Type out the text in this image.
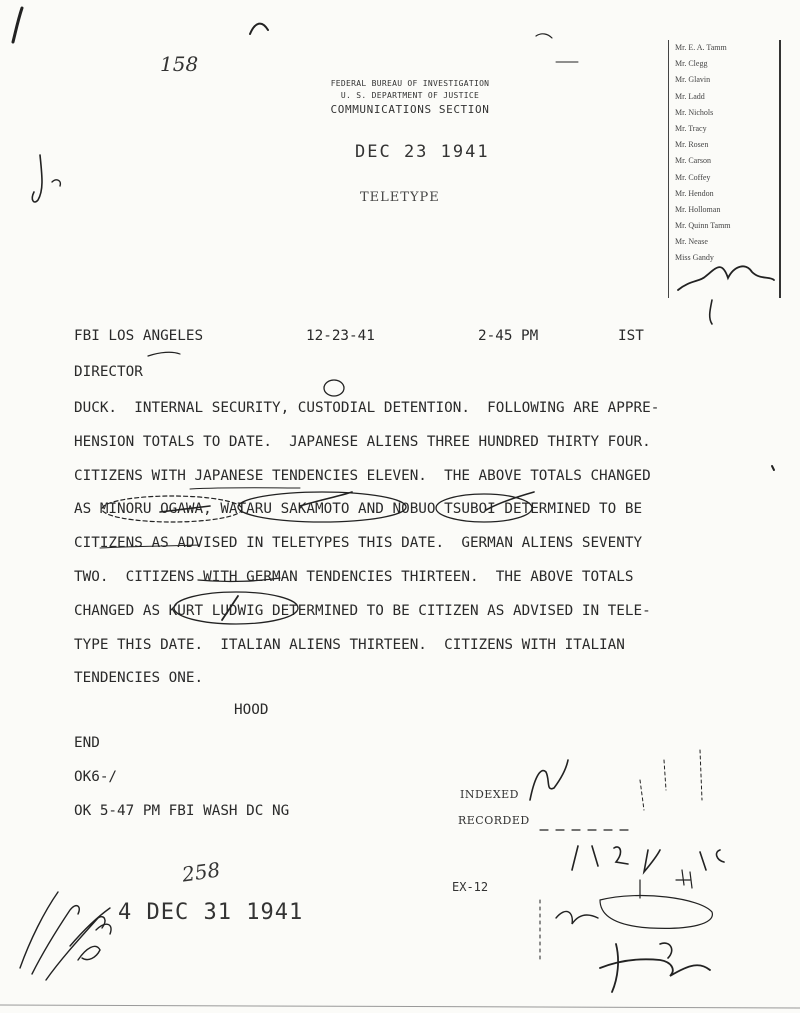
158
FEDERAL BUREAU OF INVESTIGATION
U. S. DEPARTMENT OF JUSTICE
COMMUNICATIONS SECTION
DEC 23 1941
TELETYPE
Mr. E. A. Tamm
Mr. Clegg
Mr. Glavin
Mr. Ladd
Mr. Nichols
Mr. Tracy
Mr. Rosen
Mr. Carson
Mr. Coffey
Mr. Hendon
Mr. Holloman
Mr. Quinn Tamm
Mr. Nease
Miss Gandy
FBI LOS ANGELES	12-23-41	2-45 PM	IST
DIRECTOR
DUCK.  INTERNAL SECURITY, CUSTODIAL DETENTION.  FOLLOWING ARE APPRE-
HENSION TOTALS TO DATE.  JAPANESE ALIENS THREE HUNDRED THIRTY FOUR.
CITIZENS WITH JAPANESE TENDENCIES ELEVEN.  THE ABOVE TOTALS CHANGED
AS MINORU OGAWA, WATARU SAKAMOTO AND NOBUO TSUBOI DETERMINED TO BE
CITIZENS AS ADVISED IN TELETYPES THIS DATE.  GERMAN ALIENS SEVENTY
TWO.  CITIZENS WITH GERMAN TENDENCIES THIRTEEN.  THE ABOVE TOTALS
CHANGED AS KURT LUDWIG DETERMINED TO BE CITIZEN AS ADVISED IN TELE-
TYPE THIS DATE.  ITALIAN ALIENS THIRTEEN.  CITIZENS WITH ITALIAN
TENDENCIES ONE.
HOOD
END
OK6-/
OK 5-47 PM FBI WASH DC NG
INDEXED
RECORDED
EX-12
258
4 DEC 31 1941
